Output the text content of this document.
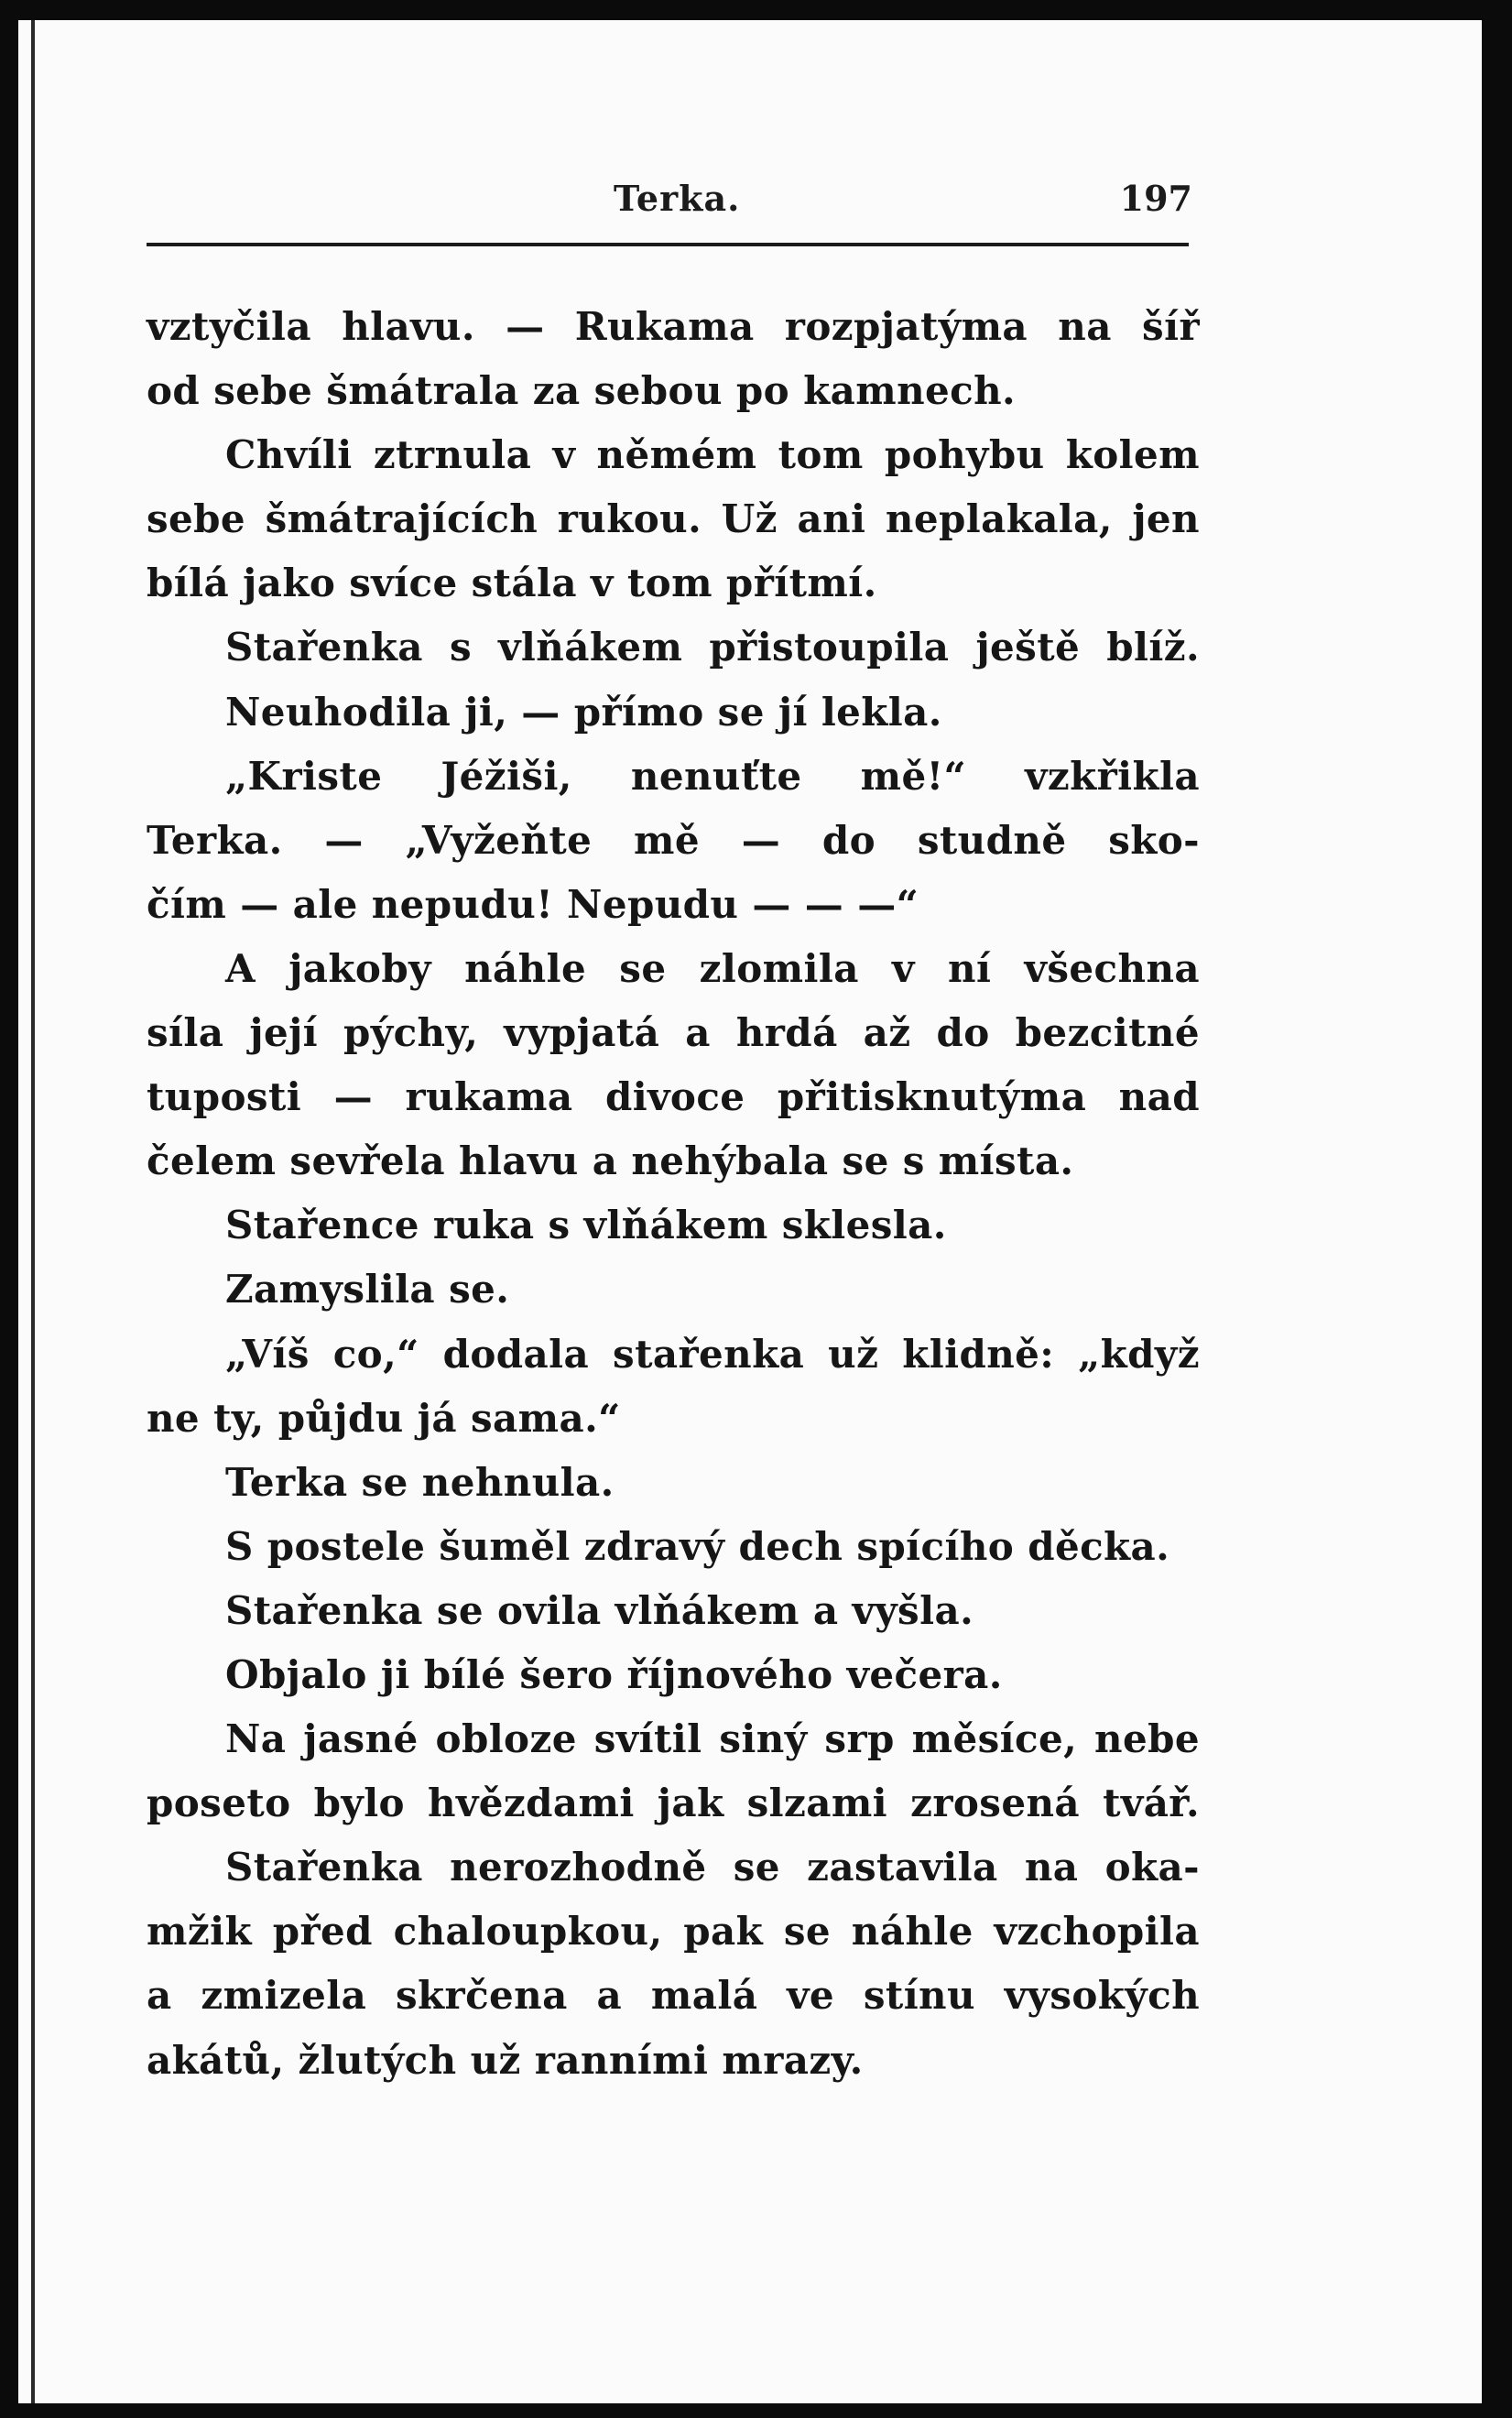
Terka.	197
vztyčila hlavu. — Rukama rozpjatýma na šíř
od sebe šmátrala za sebou po kamnech.
Chvíli ztrnula v němém tom pohybu kolem
sebe šmátrajících rukou. Už ani neplakala, jen
bílá jako svíce stála v tom přítmí.
Stařenka s vlňákem přistoupila ještě blíž.
Neuhodila ji, — přímo se jí lekla.
„Kriste Jéžiši, nenuťte mě!“ vzkřikla
Terka. — „Vyžeňte mě — do studně sko-
čím — ale nepudu! Nepudu — — —“
A jakoby náhle se zlomila v ní všechna
síla její pýchy, vypjatá a hrdá až do bezcitné
tuposti — rukama divoce přitisknutýma nad
čelem sevřela hlavu a nehýbala se s místa.
Stařence ruka s vlňákem sklesla.
Zamyslila se.
„Víš co,“ dodala stařenka už klidně: „když
ne ty, půjdu já sama.“
Terka se nehnula.
S postele šuměl zdravý dech spícího děcka.
Stařenka se ovila vlňákem a vyšla.
Objalo ji bílé šero říjnového večera.
Na jasné obloze svítil siný srp měsíce, nebe
poseto bylo hvězdami jak slzami zrosená tvář.
Stařenka nerozhodně se zastavila na oka-
mžik před chaloupkou, pak se náhle vzchopila
a zmizela skrčena a malá ve stínu vysokých
akátů, žlutých už ranními mrazy.
